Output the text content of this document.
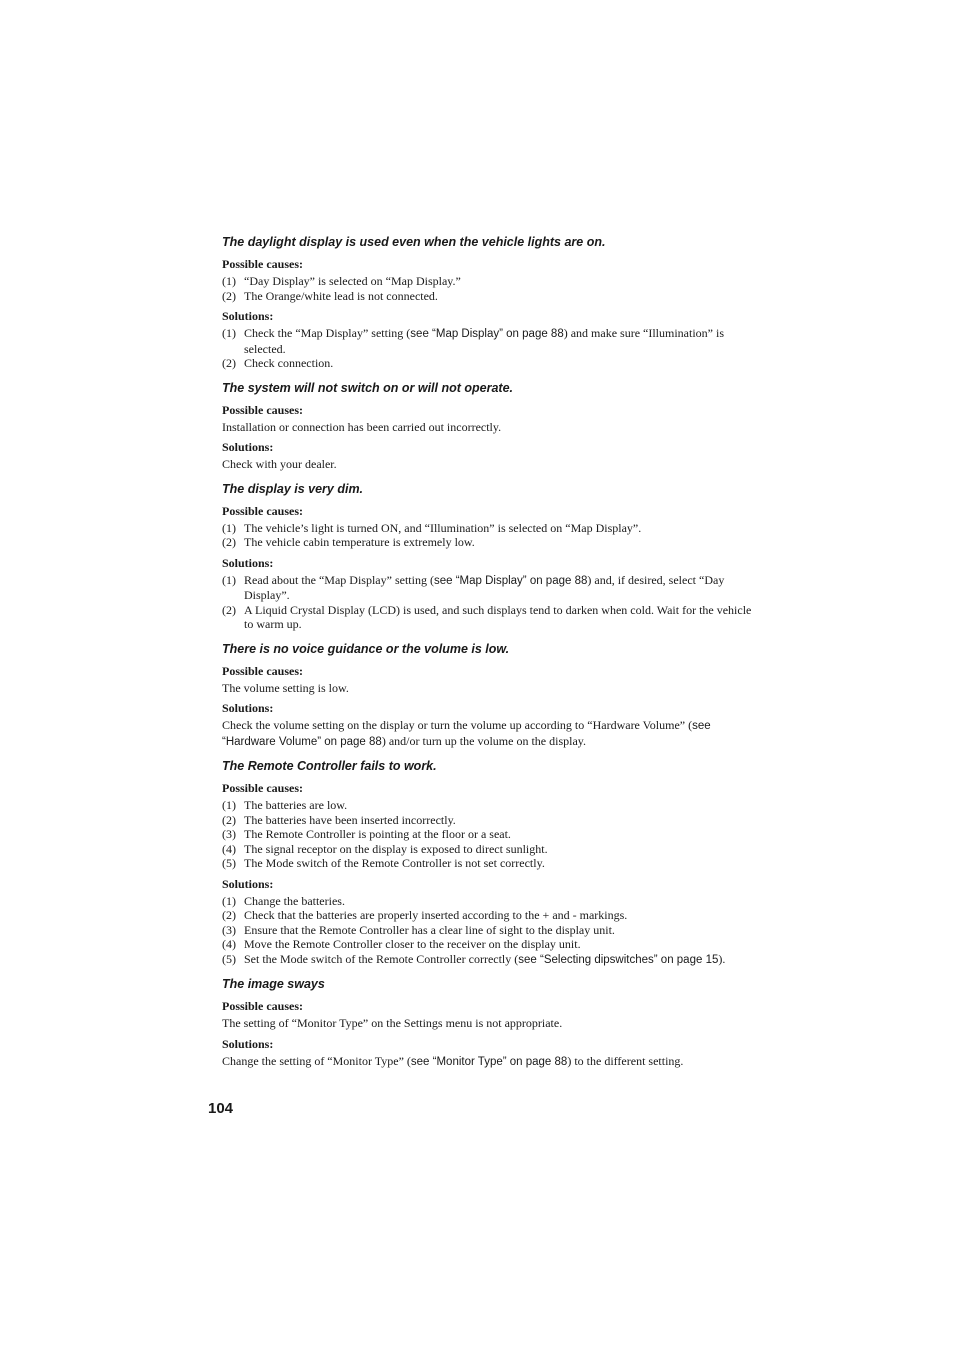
The daylight display is used even when the vehicle lights are on.
Possible causes:
(1) “Day Display” is selected on “Map Display.”
(2) The Orange/white lead is not connected.
Solutions:
(1) Check the “Map Display” setting (see “Map Display” on page 88) and make sure “Illumination” is selected.
(2) Check connection.
The system will not switch on or will not operate.
Possible causes:

Installation or connection has been carried out incorrectly.

Solutions:

Check with your dealer.

The display is very dim.
Possible causes:
(1) The vehicle’s light is turned ON, and “Illumination” is selected on “Map Display”.
(2) The vehicle cabin temperature is extremely low.
Solutions:
(1) Read about the “Map Display” setting (see “Map Display” on page 88) and, if desired, select “Day Display”.
(2) A Liquid Crystal Display (LCD) is used, and such displays tend to darken when cold. Wait for the vehicle to warm up.
There is no voice guidance or the volume is low.
Possible causes:

The volume setting is low.

Solutions:

Check the volume setting on the display or turn the volume up according to “Hardware Volume” (see “Hardware Volume” on page 88) and/or turn up the volume on the display.

The Remote Controller fails to work.
Possible causes:
(1) The batteries are low.
(2) The batteries have been inserted incorrectly.
(3) The Remote Controller is pointing at the floor or a seat.
(4) The signal receptor on the display is exposed to direct sunlight.
(5) The Mode switch of the Remote Controller is not set correctly.
Solutions:
(1) Change the batteries.
(2) Check that the batteries are properly inserted according to the + and - markings.
(3) Ensure that the Remote Controller has a clear line of sight to the display unit.
(4) Move the Remote Controller closer to the receiver on the display unit.
(5) Set the Mode switch of the Remote Controller correctly (see “Selecting dipswitches” on page 15).
The image sways
Possible causes:

The setting of “Monitor Type” on the Settings menu is not appropriate.

Solutions:

Change the setting of “Monitor Type” (see “Monitor Type” on page 88) to the different setting.

104
